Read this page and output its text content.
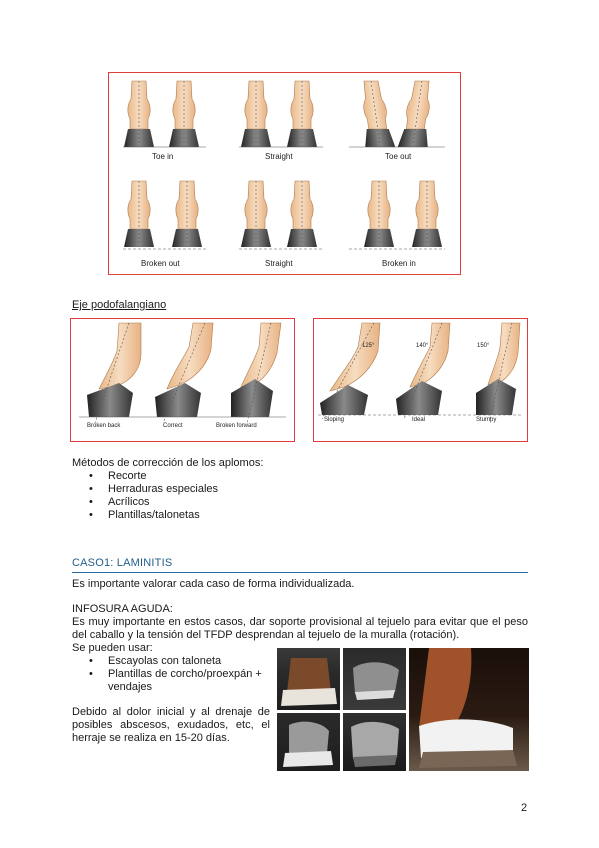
Toe in	Straight	Toe out
Broken out	Straight	Broken in
Eje podofalangiano
Broken back	Correct	Broken forward
125°	140°	150°
Sloping	Ideal	Stumpy
Métodos de corrección de los aplomos:
• Recorte
• Herraduras especiales
• Acrílicos
• Plantillas/talonetas
CASO1: LAMINITIS
Es importante valorar cada caso de forma individualizada.
INFOSURA AGUDA:
Es muy importante en estos casos, dar soporte provisional al tejuelo para evitar que el peso del caballo y la tensión del TFDP desprendan al tejuelo de la muralla (rotación).
Se pueden usar:
• Escayolas con taloneta
• Plantillas de corcho/proexpán + vendajes
Debido al dolor inicial y al drenaje de posibles abscesos, exudados, etc, el herraje se realiza en 15-20 días.
2
